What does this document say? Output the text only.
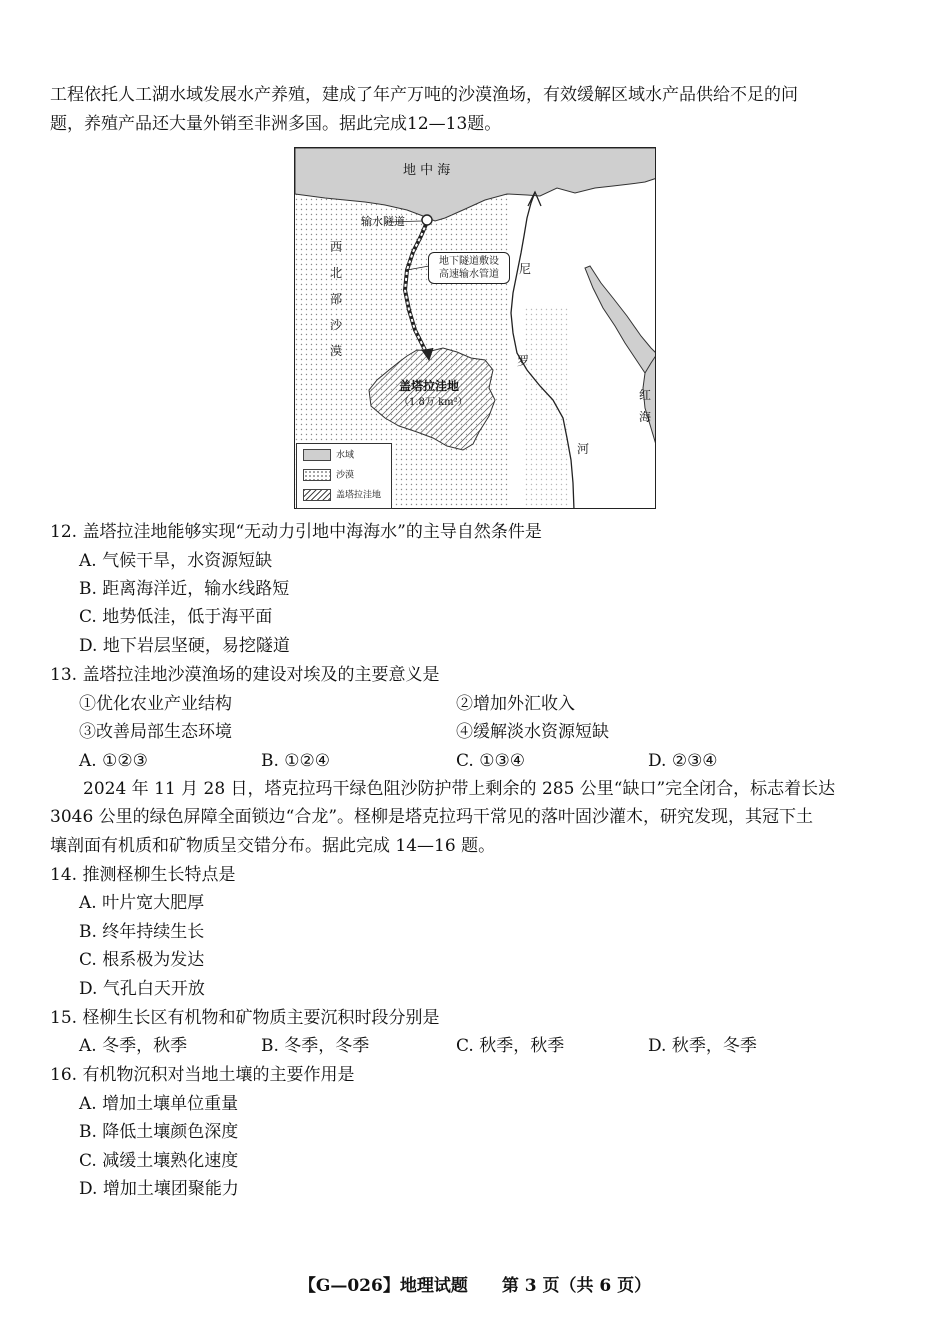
工程依托人工湖水域发展水产养殖，建成了年产万吨的沙漠渔场，有效缓解区域水产品供给不足的问
题，养殖产品还大量外销至非洲多国。据此完成12—13题。
地 中 海
输水隧道
西
北
部
沙
漠
尼
罗
河
红
海
盖塔拉洼地
（1.8万 km²）
地下隧道敷设
高速输水管道
水域
沙漠
盖塔拉洼地
12. 盖塔拉洼地能够实现“无动力引地中海海水”的主导自然条件是
A. 气候干旱，水资源短缺
B. 距离海洋近，输水线路短
C. 地势低洼，低于海平面
D. 地下岩层坚硬，易挖隧道
13. 盖塔拉洼地沙漠渔场的建设对埃及的主要意义是
①优化农业产业结构	②增加外汇收入
③改善局部生态环境	④缓解淡水资源短缺
A. ①②③	B. ①②④	C. ①③④	D. ②③④
2024 年 11 月 28 日，塔克拉玛干绿色阻沙防护带上剩余的 285 公里“缺口”完全闭合，标志着长达
3046 公里的绿色屏障全面锁边“合龙”。柽柳是塔克拉玛干常见的落叶固沙灌木，研究发现，其冠下土
壤剖面有机质和矿物质呈交错分布。据此完成 14—16 题。
14. 推测柽柳生长特点是
A. 叶片宽大肥厚
B. 终年持续生长
C. 根系极为发达
D. 气孔白天开放
15. 柽柳生长区有机物和矿物质主要沉积时段分别是
A. 冬季，秋季	B. 冬季，冬季	C. 秋季，秋季	D. 秋季，冬季
16. 有机物沉积对当地土壤的主要作用是
A. 增加土壤单位重量
B. 降低土壤颜色深度
C. 减缓土壤熟化速度
D. 增加土壤团聚能力
【G—026】地理试题　　第 3 页（共 6 页）
